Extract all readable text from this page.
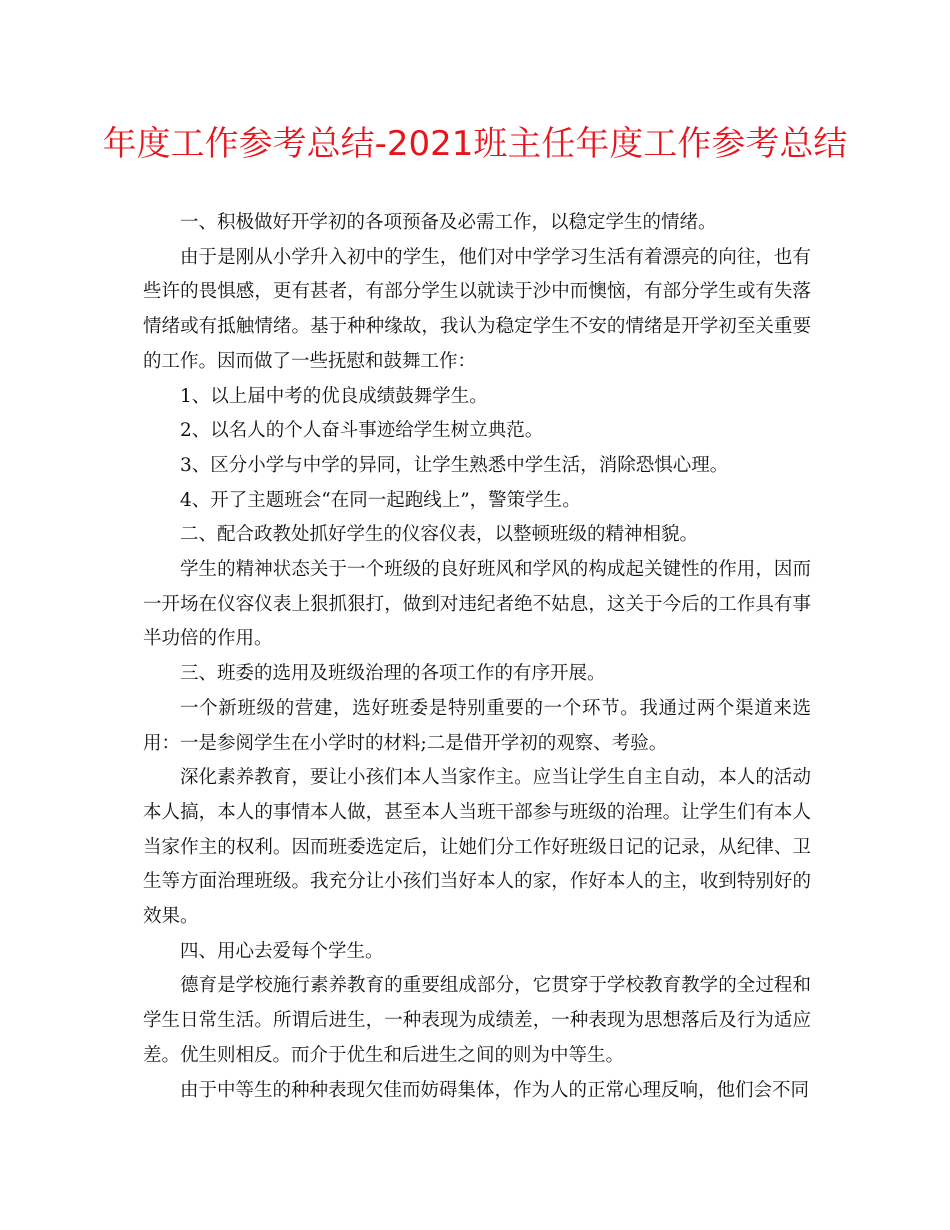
年度工作参考总结-2021班主任年度工作参考总结

一、积极做好开学初的各项预备及必需工作，以稳定学生的情绪。

由于是刚从小学升入初中的学生，他们对中学学习生活有着漂亮的向往，也有些许的畏惧感，更有甚者，有部分学生以就读于沙中而懊恼，有部分学生或有失落情绪或有抵触情绪。基于种种缘故，我认为稳定学生不安的情绪是开学初至关重要的工作。因而做了一些抚慰和鼓舞工作：

1、以上届中考的优良成绩鼓舞学生。

2、以名人的个人奋斗事迹给学生树立典范。

3、区分小学与中学的异同，让学生熟悉中学生活，消除恐惧心理。

4、开了主题班会“在同一起跑线上”，警策学生。

二、配合政教处抓好学生的仪容仪表，以整顿班级的精神相貌。

学生的精神状态关于一个班级的良好班风和学风的构成起关键性的作用，因而一开场在仪容仪表上狠抓狠打，做到对违纪者绝不姑息，这关于今后的工作具有事半功倍的作用。

三、班委的选用及班级治理的各项工作的有序开展。

一个新班级的营建，选好班委是特别重要的一个环节。我通过两个渠道来选用：一是参阅学生在小学时的材料;二是借开学初的观察、考验。

深化素养教育，要让小孩们本人当家作主。应当让学生自主自动，本人的活动本人搞，本人的事情本人做，甚至本人当班干部参与班级的治理。让学生们有本人当家作主的权利。因而班委选定后，让她们分工作好班级日记的记录，从纪律、卫生等方面治理班级。我充分让小孩们当好本人的家，作好本人的主，收到特别好的效果。

四、用心去爱每个学生。

德育是学校施行素养教育的重要组成部分，它贯穿于学校教育教学的全过程和学生日常生活。所谓后进生，一种表现为成绩差，一种表现为思想落后及行为适应差。优生则相反。而介于优生和后进生之间的则为中等生。

由于中等生的种种表现欠佳而妨碍集体，作为人的正常心理反响，他们会不同
